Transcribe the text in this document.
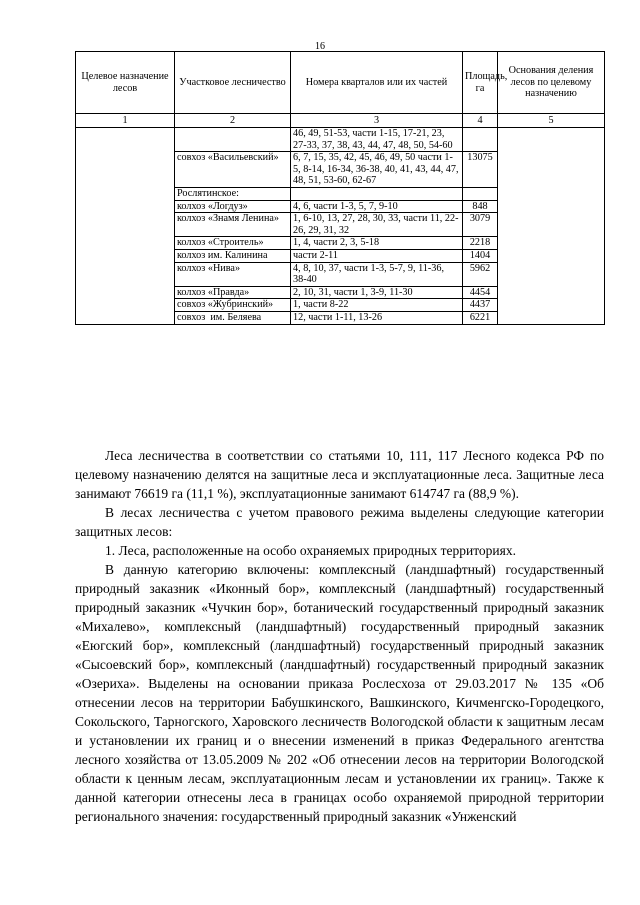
16
Целевое назначение лесов	Участковое лесничество	Номера кварталов или их частей	Площадь, га	Основания деления лесов по целевому назначению
1	2	3	4	5
		46, 49, 51-53, части 1-15, 17-21, 23, 27-33, 37, 38, 43, 44, 47, 48, 50, 54-60		
	совхоз «Васильевский»	6, 7, 15, 35, 42, 45, 46, 49, 50 части 1-5, 8-14, 16-34, 36-38, 40, 41, 43, 44, 47, 48, 51, 53-60, 62-67	13075	
	Рослятинское:			
	колхоз «Логдуз»	4, 6, части 1-3, 5, 7, 9-10	848	
	колхоз «Знамя Ленина»	1, 6-10, 13, 27, 28, 30, 33, части 11, 22-26, 29, 31, 32	3079	
	колхоз «Строитель»	1, 4, части 2, 3, 5-18	2218	
	колхоз им. Калинина	части 2-11	1404	
	колхоз «Нива»	4, 8, 10, 37, части 1-3, 5-7, 9, 11-36, 38-40	5962	
	колхоз «Правда»	2, 10, 31, части 1, 3-9, 11-30	4454	
	совхоз «Жубринский»	1, части 8-22	4437	
	совхоз  им. Беляева	12, части 1-11, 13-26	6221	

Леса лесничества в соответствии со статьями 10, 111, 117 Лесного кодекса РФ по целевому назначению делятся на защитные леса и эксплуатационные леса. Защитные леса занимают 76619 га (11,1 %), эксплуатационные занимают 614747 га (88,9 %).

В лесах лесничества с учетом правового режима выделены следующие категории защитных лесов:

1. Леса, расположенные на особо охраняемых природных территориях.

В данную категорию включены: комплексный (ландшафтный) государственный природный заказник «Иконный бор», комплексный (ландшафтный) государственный природный заказник «Чучкин бор», ботанический государственный природный заказник «Михалево», комплексный (ландшафтный) государственный природный заказник «Еюгский бор», комплексный (ландшафтный) государственный природный заказник «Сысоевский бор», комплексный (ландшафтный) государственный природный заказник «Озериха». Выделены на основании приказа Рослесхоза от 29.03.2017 № 135 «Об отнесении лесов на территории Бабушкинского, Вашкинского, Кичменгско-Городецкого, Сокольского, Тарногского, Харовского лесничеств Вологодской области к защитным лесам и установлении их границ и о внесении изменений в приказ Федерального агентства лесного хозяйства от 13.05.2009 № 202 «Об отнесении лесов на территории Вологодской области к ценным лесам, эксплуатационным лесам и установлении их границ». Также к данной категории отнесены леса в границах особо охраняемой природной территории регионального значения: государственный природный заказник «Унженский
